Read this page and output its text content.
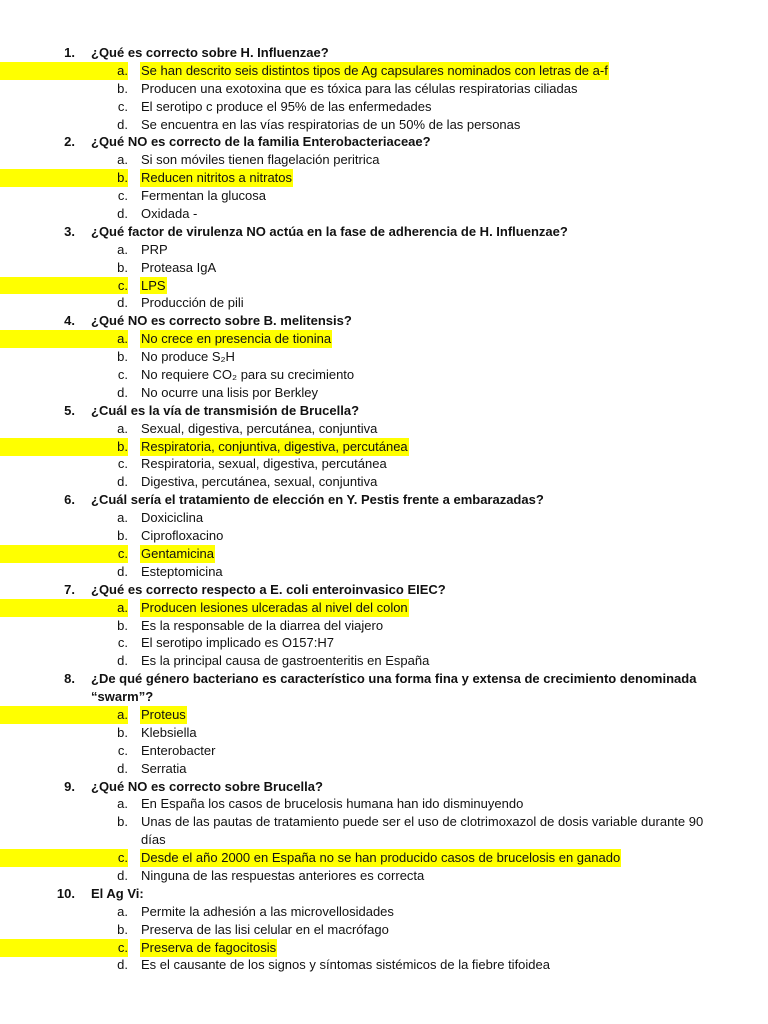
1. ¿Qué es correcto sobre H. Influenzae?
a. Se han descrito seis distintos tipos de Ag capsulares nominados con letras de a-f
b. Producen una exotoxina que es tóxica para las células respiratorias ciliadas
c. El serotipo c produce el 95% de las enfermedades
d. Se encuentra en las vías respiratorias de un 50% de las personas
2. ¿Qué NO es correcto de la familia Enterobacteriaceae?
a. Si son móviles tienen flagelación peritrica
b. Reducen nitritos a nitratos
c. Fermentan la glucosa
d. Oxidada -
3. ¿Qué factor de virulenza NO actúa en la fase de adherencia de H. Influenzae?
a. PRP
b. Proteasa IgA
c. LPS
d. Producción de pili
4. ¿Qué NO es correcto sobre B. melitensis?
a. No crece en presencia de tionina
b. No produce S₂H
c. No requiere CO₂ para su crecimiento
d. No ocurre una lisis por Berkley
5. ¿Cuál es la vía de transmisión de Brucella?
a. Sexual, digestiva, percutánea, conjuntiva
b. Respiratoria, conjuntiva, digestiva, percutánea
c. Respiratoria, sexual, digestiva, percutánea
d. Digestiva, percutánea, sexual, conjuntiva
6. ¿Cuál sería el tratamiento de elección en Y. Pestis frente a embarazadas?
a. Doxiciclina
b. Ciprofloxacino
c. Gentamicina
d. Esteptomicina
7. ¿Qué es correcto respecto a E. coli enteroinvasico EIEC?
a. Producen lesiones ulceradas al nivel del colon
b. Es la responsable de la diarrea del viajero
c. El serotipo implicado es O157:H7
d. Es la principal causa de gastroenteritis en España
8. ¿De qué género bacteriano es característico una forma fina y extensa de crecimiento denominada “swarm”?
a. Proteus
b. Klebsiella
c. Enterobacter
d. Serratia
9. ¿Qué NO es correcto sobre Brucella?
a. En España los casos de brucelosis humana han ido disminuyendo
b. Unas de las pautas de tratamiento puede ser el uso de clotrimoxazol de dosis variable durante 90 días
c. Desde el año 2000 en España no se han producido casos de brucelosis en ganado
d. Ninguna de las respuestas anteriores es correcta
10. El Ag Vi:
a. Permite la adhesión a las microvellosidades
b. Preserva de las lisi celular en el macrófago
c. Preserva de fagocitosis
d. Es el causante de los signos y síntomas sistémicos de la fiebre tifoidea
